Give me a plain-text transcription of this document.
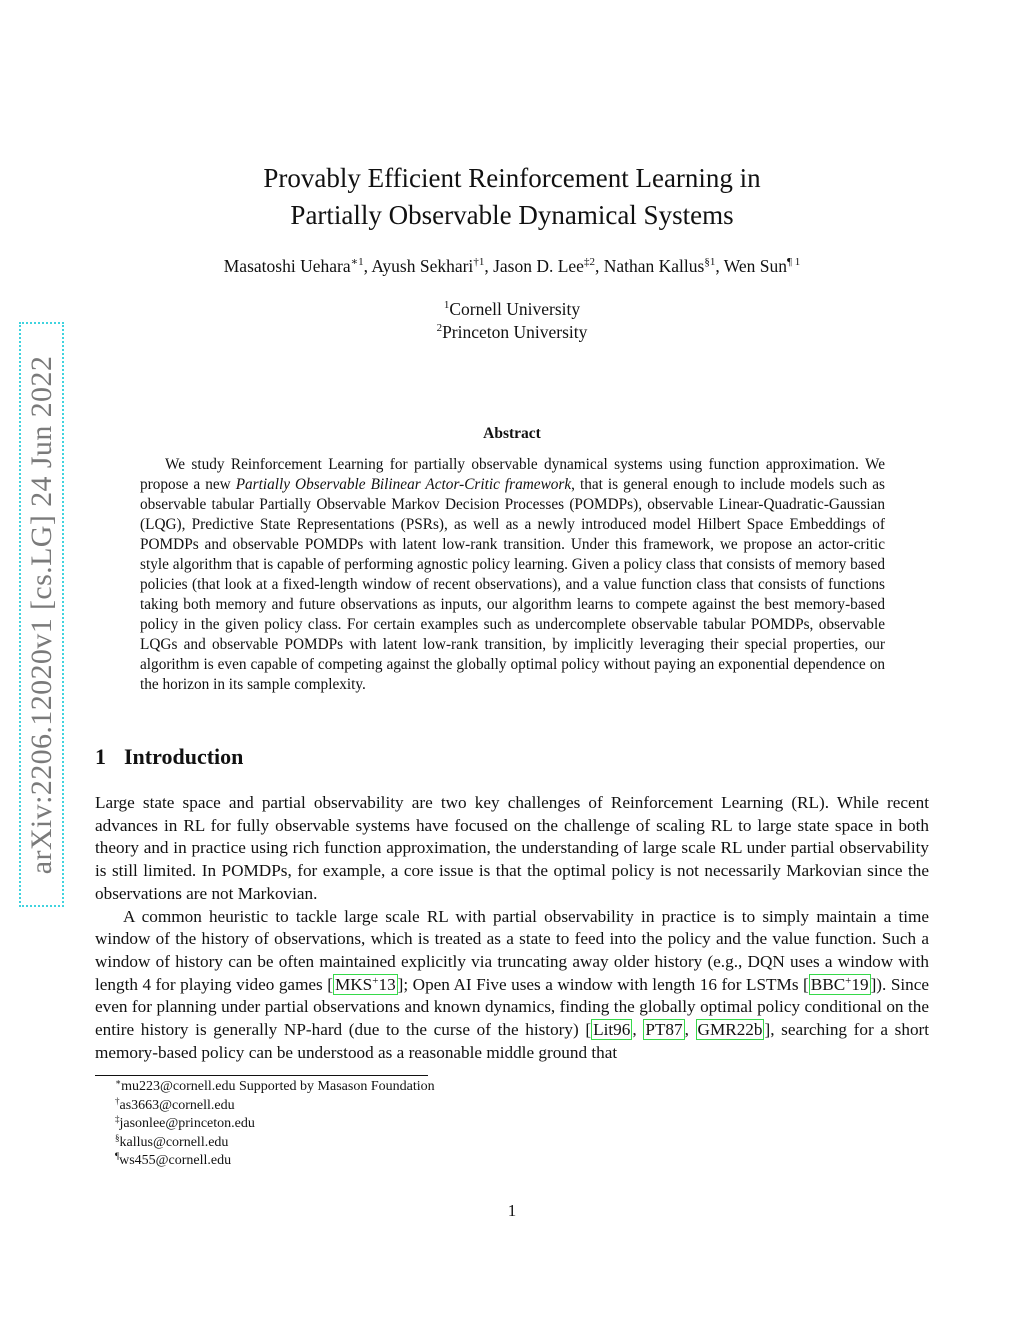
arXiv:2206.12020v1 [cs.LG] 24 Jun 2022
Provably Efficient Reinforcement Learning in
Partially Observable Dynamical Systems
Masatoshi Uehara$^{∗1}$, Ayush Sekhari$^{\dagger 1}$, Jason D. Lee$^{\ddagger 2}$, Nathan Kallus$^{\S 1}$, Wen Sun$^{\P 1}$
$^1$Cornell University
$^2$Princeton University
Abstract
We study Reinforcement Learning for partially observable dynamical systems using function approximation. We propose a new Partially Observable Bilinear Actor-Critic framework, that is general enough to include models such as observable tabular Partially Observable Markov Decision Processes (POMDPs), observable Linear-Quadratic-Gaussian (LQG), Predictive State Representations (PSRs), as well as a newly introduced model Hilbert Space Embeddings of POMDPs and observable POMDPs with latent low-rank transition. Under this framework, we propose an actor-critic style algorithm that is capable of performing agnostic policy learning. Given a policy class that consists of memory based policies (that look at a fixed-length window of recent observations), and a value function class that consists of functions taking both memory and future observations as inputs, our algorithm learns to compete against the best memory-based policy in the given policy class. For certain examples such as undercomplete observable tabular POMDPs, observable LQGs and observable POMDPs with latent low-rank transition, by implicitly leveraging their special properties, our algorithm is even capable of competing against the globally optimal policy without paying an exponential dependence on the horizon in its sample complexity.
1 Introduction

Large state space and partial observability are two key challenges of Reinforcement Learning (RL). While recent advances in RL for fully observable systems have focused on the challenge of scaling RL to large state space in both theory and in practice using rich function approximation, the understanding of large scale RL under partial observability is still limited. In POMDPs, for example, a core issue is that the optimal policy is not necessarily Markovian since the observations are not Markovian.

A common heuristic to tackle large scale RL with partial observability in practice is to simply maintain a time window of the history of observations, which is treated as a state to feed into the policy and the value function. Such a window of history can be often maintained explicitly via truncating away older history (e.g., DQN uses a window with length 4 for playing video games [ MKS+13 ]; Open AI Five uses a window with length 16 for LSTMs [ BBC+19 ]). Since even for planning under partial observations and known dynamics, finding the globally optimal policy conditional on the entire history is generally NP-hard (due to the curse of the history) [ Lit96 , PT87 , GMR22b ], searching for a short memory-based policy can be understood as a reasonable middle ground that

∗mu223@cornell.edu Supported by Masason Foundation
†as3663@cornell.edu
‡jasonlee@princeton.edu
§kallus@cornell.edu
¶ws455@cornell.edu
1
